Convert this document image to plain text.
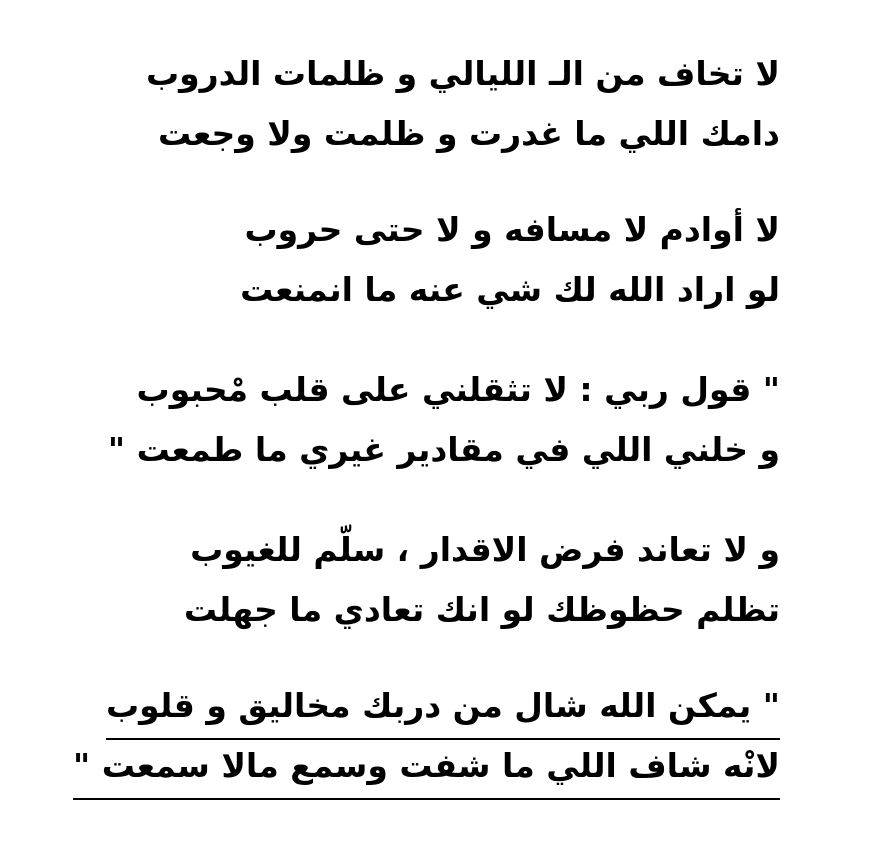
لا تخاف من الـ الليالي و ظلمات الدروب
دامك اللي ما غدرت و ظلمت ولا وجعت
لا أوادم لا مسافه و لا حتى حروب
لو اراد الله لك شي عنه ما انمنعت
" قول ربي : لا تثقلني على قلب مْحبوب
و خلني اللي في مقادير غيري ما طمعت "
و لا تعاند فرض الاقدار ، سلّم للغيوب
تظلم حظوظك لو انك تعادي ما جهلت
" يمكن الله شال من دربك مخاليق و قلوب
لانْه شاف اللي ما شفت وسمع مالا سمعت "
